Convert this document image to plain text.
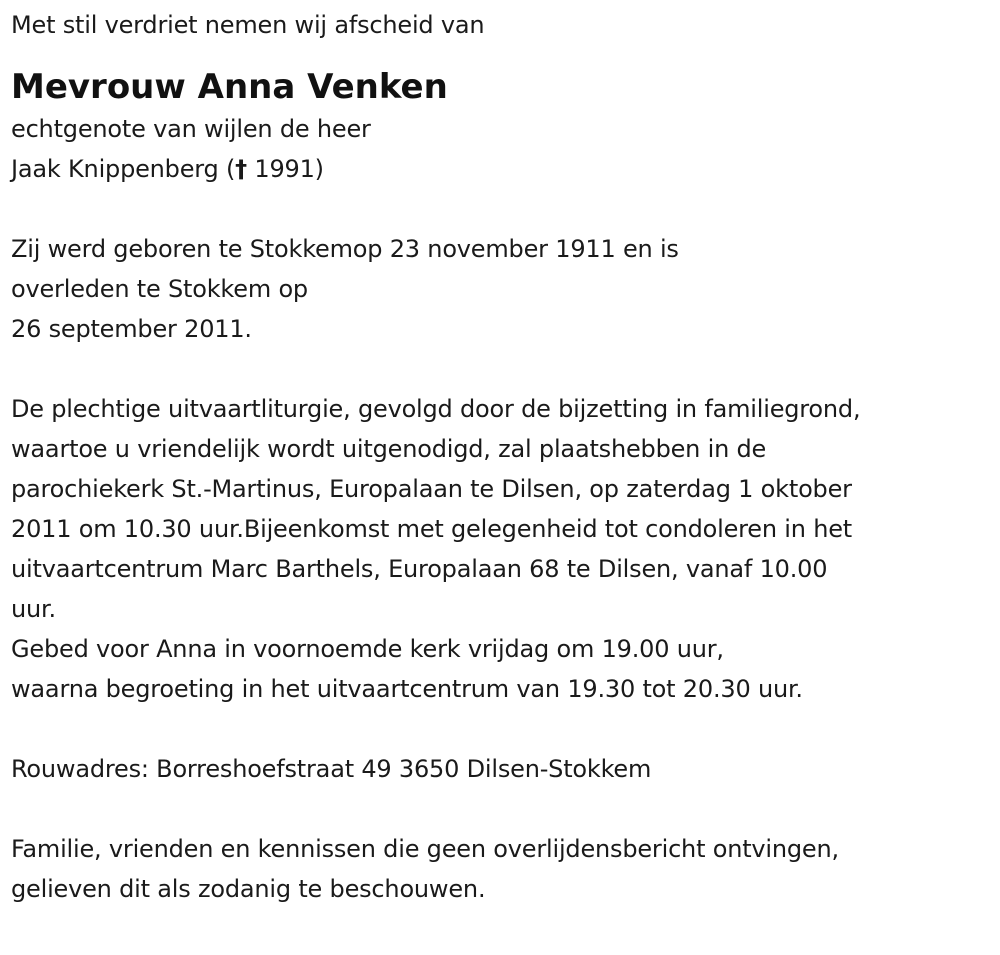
Met stil verdriet nemen wij afscheid van
Mevrouw Anna Venken
echtgenote van wijlen de heer
Jaak Knippenberg († 1991)
Zij werd geboren te Stokkemop 23 november 1911 en is
overleden te Stokkem op
26 september 2011.
De plechtige uitvaartliturgie, gevolgd door de bijzetting in familiegrond,
waartoe u vriendelijk wordt uitgenodigd, zal plaatshebben in de
parochiekerk St.-Martinus, Europalaan te Dilsen, op zaterdag 1 oktober
2011 om 10.30 uur.Bijeenkomst met gelegenheid tot condoleren in het
uitvaartcentrum Marc Barthels, Europalaan 68 te Dilsen, vanaf 10.00
uur.
Gebed voor Anna in voornoemde kerk vrijdag om 19.00 uur,
waarna begroeting in het uitvaartcentrum van 19.30 tot 20.30 uur.
Rouwadres: Borreshoefstraat 49 3650 Dilsen-Stokkem
Familie, vrienden en kennissen die geen overlijdensbericht ontvingen,
gelieven dit als zodanig te beschouwen.
